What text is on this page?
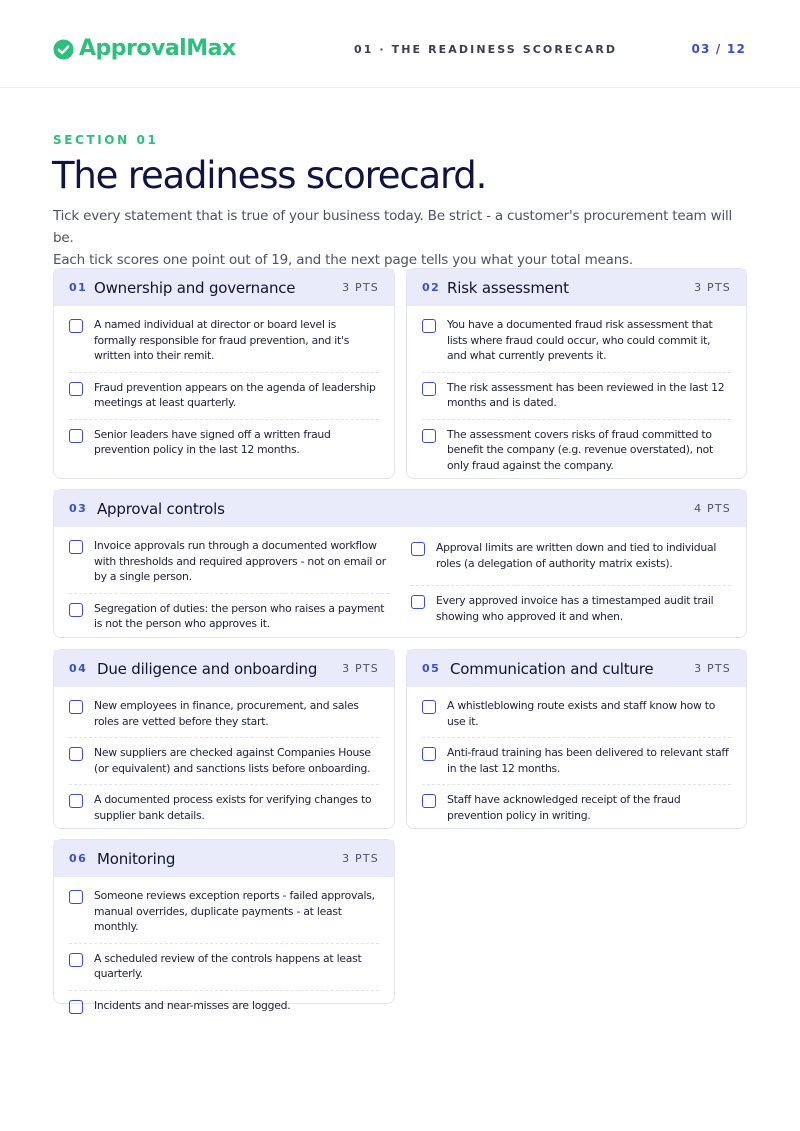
ApprovalMax	01 · THE READINESS SCORECARD	03 / 12
SECTION 01
The readiness scorecard.
Tick every statement that is true of your business today. Be strict - a customer's procurement team will be.
Each tick scores one point out of 19, and the next page tells you what your total means.
01 Ownership and governance	3 PTS
A named individual at director or board level is formally responsible for fraud prevention, and it's written into their remit.
Fraud prevention appears on the agenda of leadership meetings at least quarterly.
Senior leaders have signed off a written fraud prevention policy in the last 12 months.
02 Risk assessment	3 PTS
You have a documented fraud risk assessment that lists where fraud could occur, who could commit it, and what currently prevents it.
The risk assessment has been reviewed in the last 12 months and is dated.
The assessment covers risks of fraud committed to benefit the company (e.g. revenue overstated), not only fraud against the company.
03 Approval controls	4 PTS
Invoice approvals run through a documented workflow with thresholds and required approvers - not on email or by a single person.
Segregation of duties: the person who raises a payment is not the person who approves it.
Approval limits are written down and tied to individual roles (a delegation of authority matrix exists).
Every approved invoice has a timestamped audit trail showing who approved it and when.
04 Due diligence and onboarding	3 PTS
New employees in finance, procurement, and sales roles are vetted before they start.
New suppliers are checked against Companies House (or equivalent) and sanctions lists before onboarding.
A documented process exists for verifying changes to supplier bank details.
05 Communication and culture	3 PTS
A whistleblowing route exists and staff know how to use it.
Anti-fraud training has been delivered to relevant staff in the last 12 months.
Staff have acknowledged receipt of the fraud prevention policy in writing.
06 Monitoring	3 PTS
Someone reviews exception reports - failed approvals, manual overrides, duplicate payments - at least monthly.
A scheduled review of the controls happens at least quarterly.
Incidents and near-misses are logged.
